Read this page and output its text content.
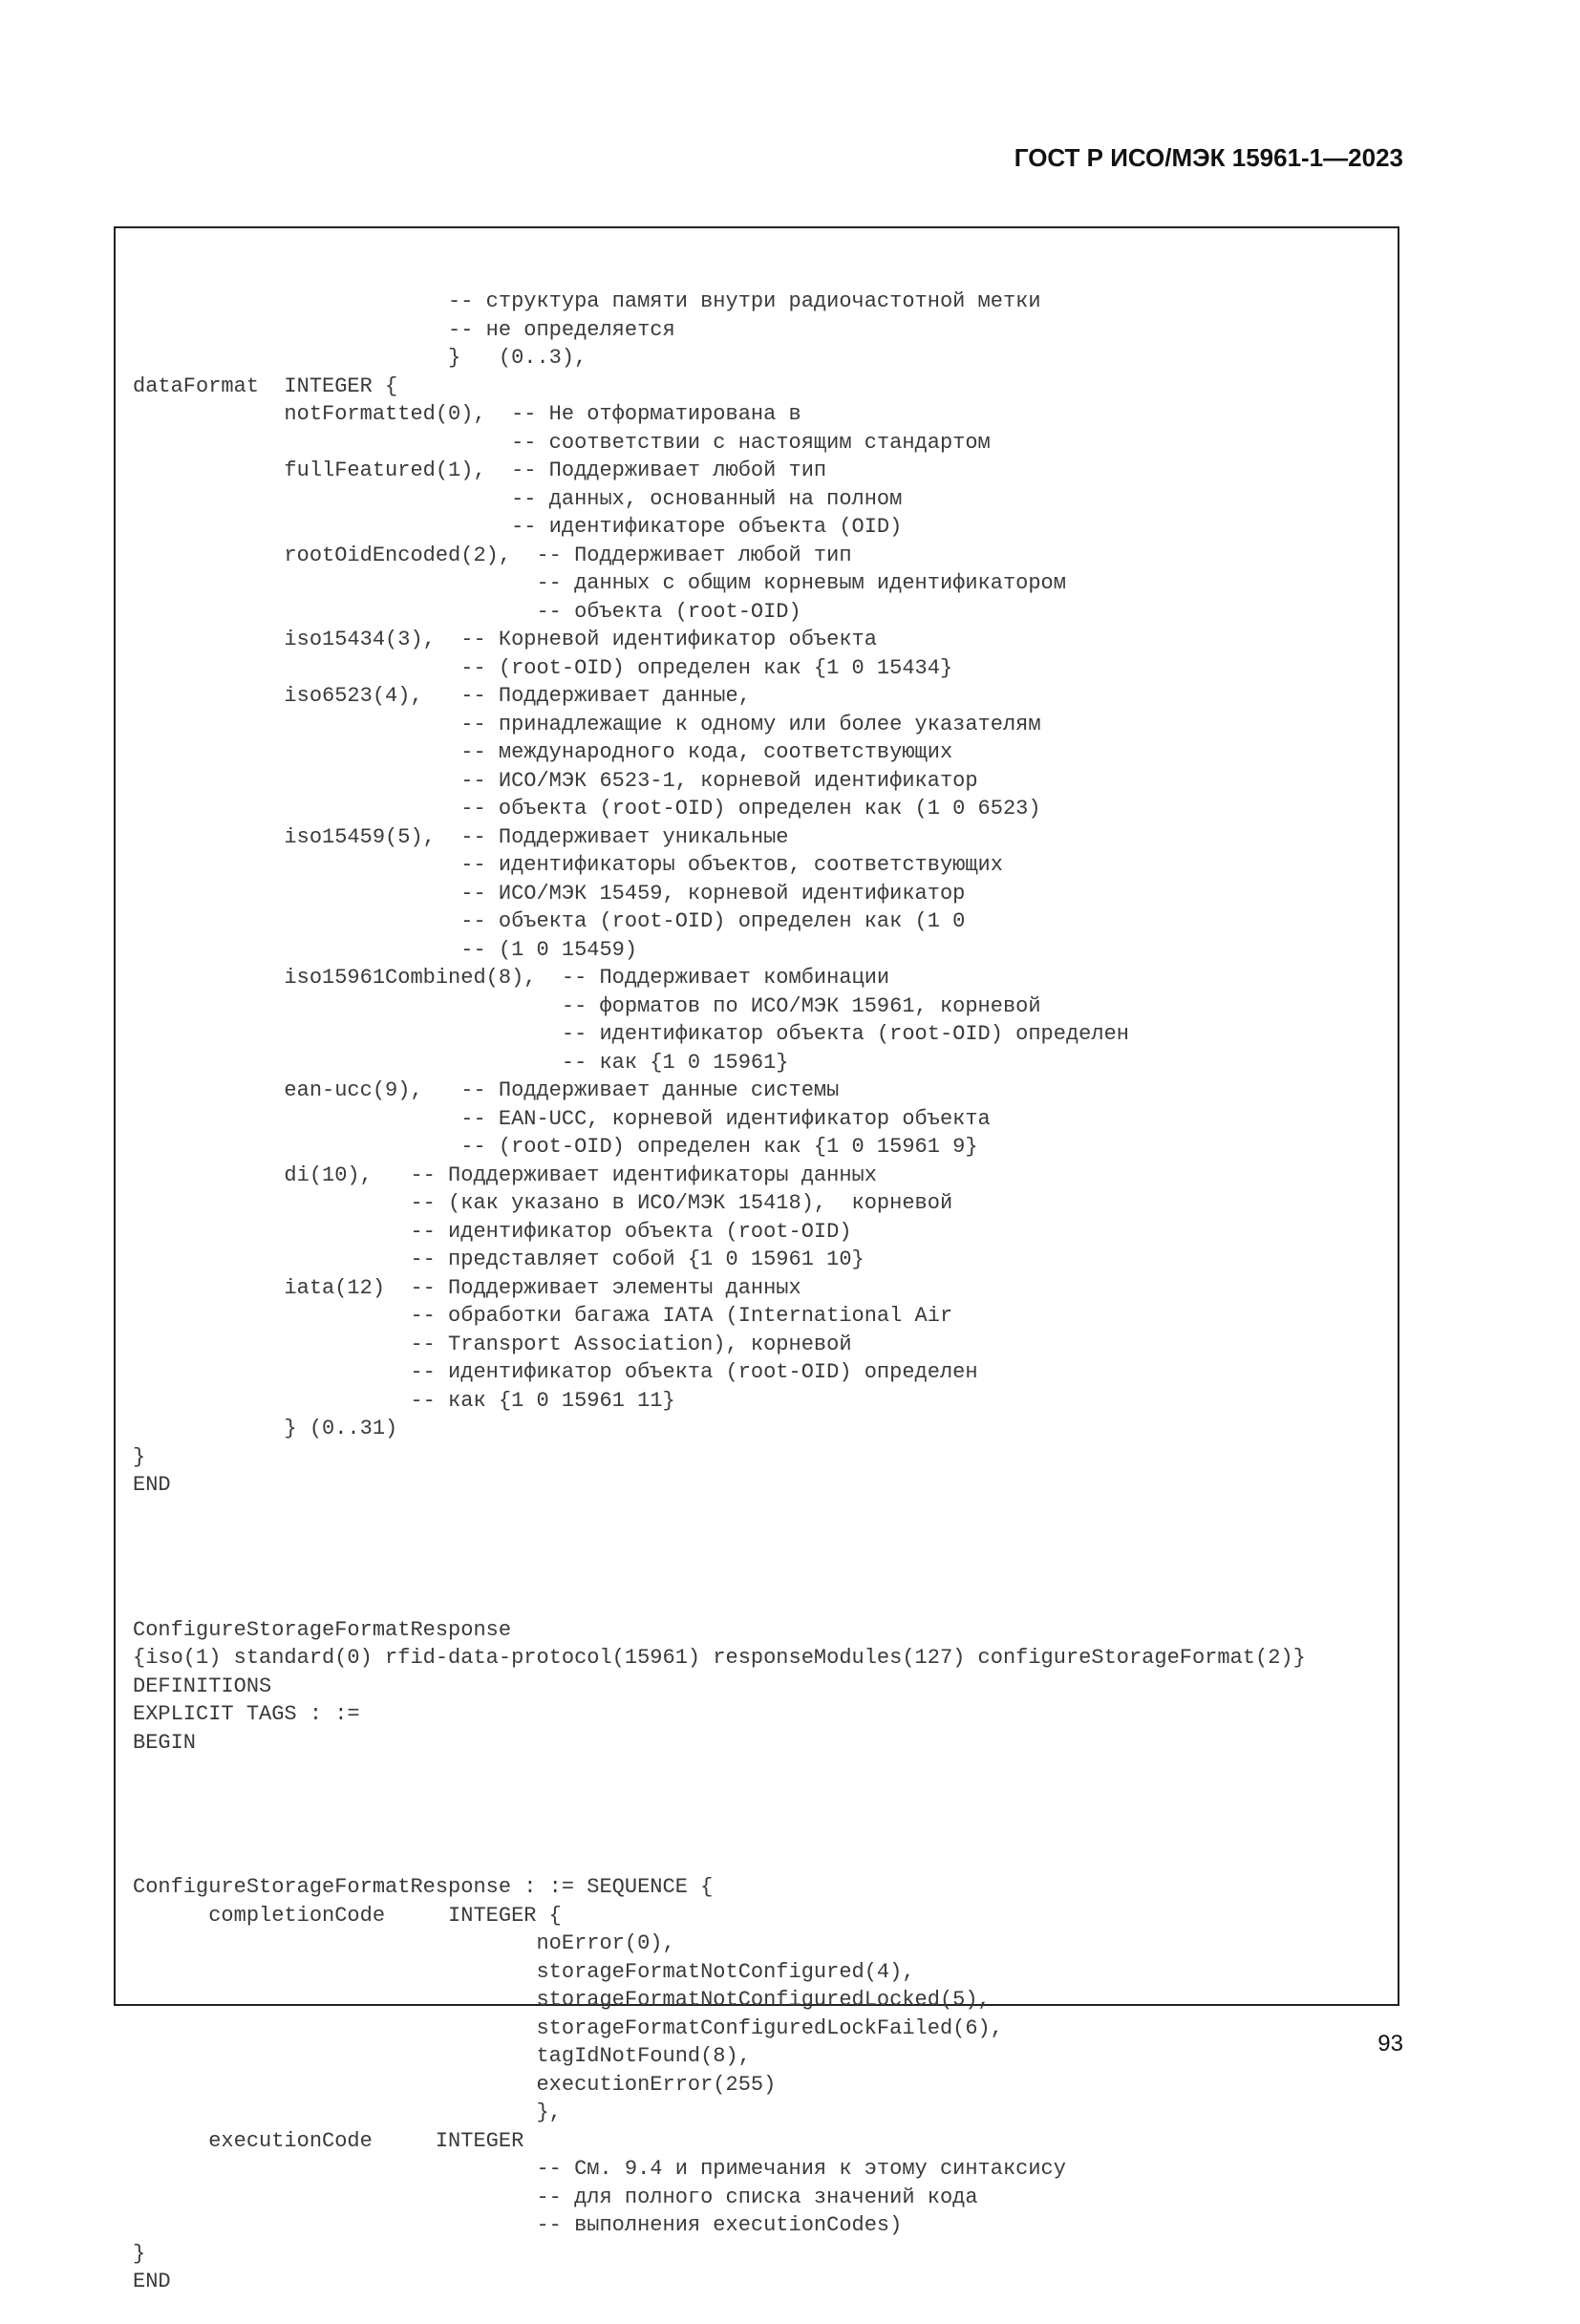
ГОСТ Р ИСО/МЭК 15961-1—2023

-- структура памяти внутри радиочастотной метки
-- не определяется
}   (0..3),
dataFormat  INTEGER {
notFormatted(0),  -- Не отформатирована в
-- соответствии с настоящим стандартом
fullFeatured(1),  -- Поддерживает любой тип
-- данных, основанный на полном
-- идентификаторе объекта (OID)
rootOidEncoded(2),  -- Поддерживает любой тип
-- данных с общим корневым идентификатором
-- объекта (root-OID)
iso15434(3),  -- Корневой идентификатор объекта
-- (root-OID) определен как {1 0 15434}
iso6523(4),   -- Поддерживает данные,
-- принадлежащие к одному или более указателям
-- международного кода, соответствующих
-- ИСО/МЭК 6523-1, корневой идентификатор
-- объекта (root-OID) определен как (1 0 6523)
iso15459(5),  -- Поддерживает уникальные
-- идентификаторы объектов, соответствующих
-- ИСО/МЭК 15459, корневой идентификатор
-- объекта (root-OID) определен как (1 0
-- (1 0 15459)
iso15961Combined(8),  -- Поддерживает комбинации
-- форматов по ИСО/МЭК 15961, корневой
-- идентификатор объекта (root-OID) определен
-- как {1 0 15961}
ean-ucc(9),   -- Поддерживает данные системы
-- EAN-UCC, корневой идентификатор объекта
-- (root-OID) определен как {1 0 15961 9}
di(10),   -- Поддерживает идентификаторы данных
-- (как указано в ИСО/МЭК 15418),  корневой
-- идентификатор объекта (root-OID)
-- представляет собой {1 0 15961 10}
iata(12)  -- Поддерживает элементы данных
-- обработки багажа IATA (International Air
-- Transport Association), корневой
-- идентификатор объекта (root-OID) определен
-- как {1 0 15961 11}
} (0..31)
}
END

ConfigureStorageFormatResponse
{iso(1) standard(0) rfid-data-protocol(15961) responseModules(127) configureStorageFormat(2)}
DEFINITIONS
EXPLICIT TAGS : :=
BEGIN

ConfigureStorageFormatResponse : := SEQUENCE {
completionCode     INTEGER {
noError(0),
storageFormatNotConfigured(4),
storageFormatNotConfiguredLocked(5),
storageFormatConfiguredLockFailed(6),
tagIdNotFound(8),
executionError(255)
},
executionCode     INTEGER
-- См. 9.4 и примечания к этому синтаксису
-- для полного списка значений кода
-- выполнения executionCodes)
}
END

93
